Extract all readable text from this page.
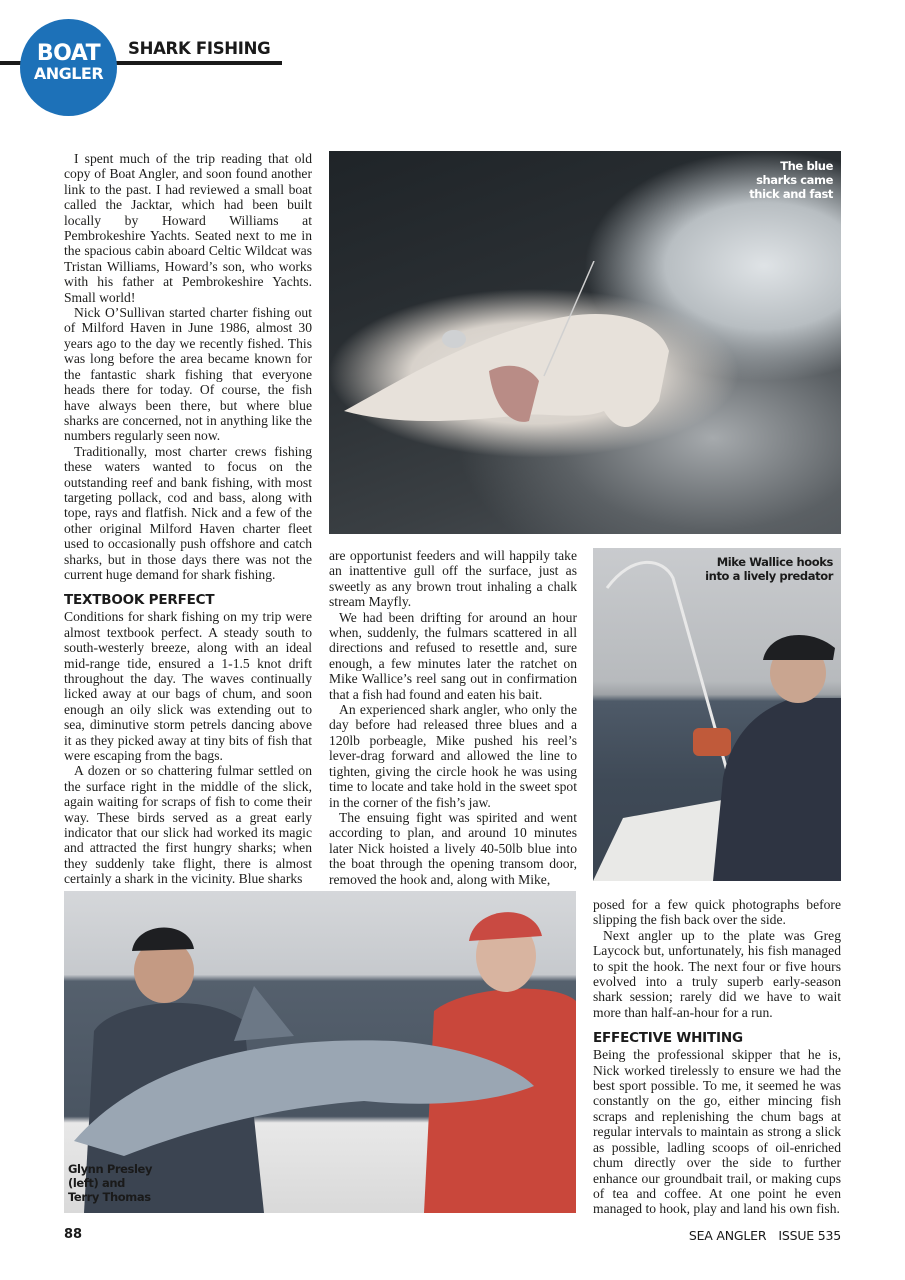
BOAT
ANGLER
SHARK FISHING

I spent much of the trip reading that old copy of Boat Angler, and soon found another link to the past. I had reviewed a small boat called the Jacktar, which had been built locally by Howard Williams at Pembrokeshire Yachts. Seated next to me in the spacious cabin aboard Celtic Wildcat was Tristan Williams, Howard’s son, who works with his father at Pembrokeshire Yachts. Small world!

Nick O’Sullivan started charter fishing out of Milford Haven in June 1986, almost 30 years ago to the day we recently fished. This was long before the area became known for the fantastic shark fishing that everyone heads there for today. Of course, the fish have always been there, but where blue sharks are concerned, not in anything like the numbers regularly seen now.

Traditionally, most charter crews fishing these waters wanted to focus on the outstanding reef and bank fishing, with most targeting pollack, cod and bass, along with tope, rays and flatfish. Nick and a few of the other original Milford Haven charter fleet used to occasionally push offshore and catch sharks, but in those days there was not the current huge demand for shark fishing.

TEXTBOOK PERFECT

Conditions for shark fishing on my trip were almost textbook perfect. A steady south to south-westerly breeze, along with an ideal mid-range tide, ensured a 1-1.5 knot drift throughout the day. The waves continually licked away at our bags of chum, and soon enough an oily slick was extending out to sea, diminutive storm petrels dancing above it as they picked away at tiny bits of fish that were escaping from the bags.

A dozen or so chattering fulmar settled on the surface right in the middle of the slick, again waiting for scraps of fish to come their way. These birds served as a great early indicator that our slick had worked its magic and attracted the first hungry sharks; when they suddenly take flight, there is almost certainly a shark in the vicinity. Blue sharks

The blue sharks came thick and fast

are opportunist feeders and will happily take an inattentive gull off the surface, just as sweetly as any brown trout inhaling a chalk stream Mayfly.

We had been drifting for around an hour when, suddenly, the fulmars scattered in all directions and refused to resettle and, sure enough, a few minutes later the ratchet on Mike Wallice’s reel sang out in confirmation that a fish had found and eaten his bait.

An experienced shark angler, who only the day before had released three blues and a 120lb porbeagle, Mike pushed his reel’s lever-drag forward and allowed the line to tighten, giving the circle hook he was using time to locate and take hold in the sweet spot in the corner of the fish’s jaw.

The ensuing fight was spirited and went according to plan, and around 10 minutes later Nick hoisted a lively 40-50lb blue into the boat through the opening transom door, removed the hook and, along with Mike,

Mike Wallice hooks into a lively predator
Glynn Presley (left) and Terry Thomas

posed for a few quick photographs before slipping the fish back over the side.

Next angler up to the plate was Greg Laycock but, unfortunately, his fish managed to spit the hook. The next four or five hours evolved into a truly superb early-season shark session; rarely did we have to wait more than half-an-hour for a run.

EFFECTIVE WHITING

Being the professional skipper that he is, Nick worked tirelessly to ensure we had the best sport possible. To me, it seemed he was constantly on the go, either mincing fish scraps and replenishing the chum bags at regular intervals to maintain as strong a slick as possible, ladling scoops of oil-enriched chum directly over the side to further enhance our groundbait trail, or making cups of tea and coffee. At one point he even managed to hook, play and land his own fish.

88	SEA ANGLER ISSUE 535
